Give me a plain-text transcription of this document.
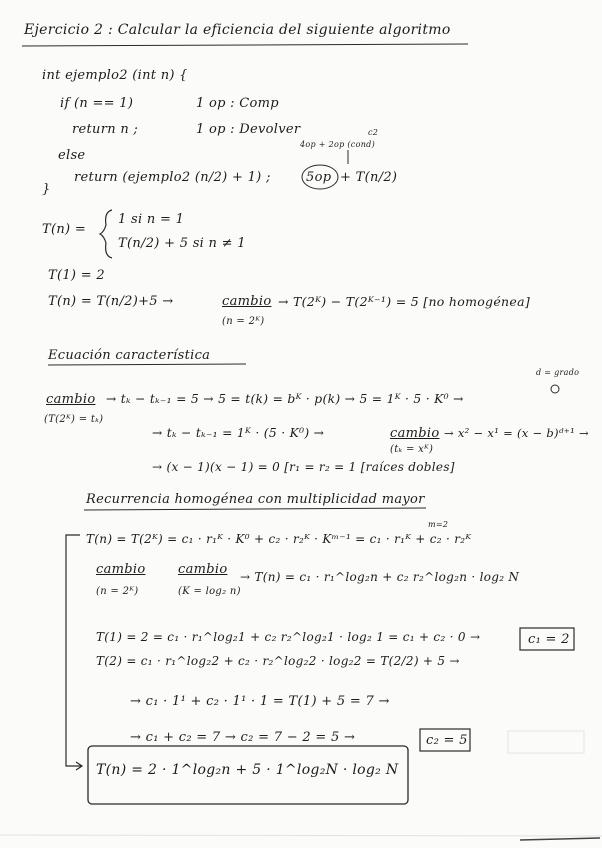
Ejercicio 2 : Calcular la eficiencia del siguiente algoritmo
int ejemplo2 (int n) {
if (n == 1)	1 op : Comp
return n ;	1 op : Devolver
else
4op + 2op (cond)
c2
return (ejemplo2 (n/2) + 1) ;	5op + T(n/2)
}
T(n) =
1 si n = 1
T(n/2) + 5 si n ≠ 1
T(1) = 2
T(n) = T(n/2)+5 →	cambio
(n = 2ᴷ)
→ T(2ᴷ) − T(2ᴷ⁻¹) = 5 [no homogénea]
Ecuación característica
d = grado
cambio
(T(2ᴷ) = tₖ)
→ tₖ − tₖ₋₁ = 5 → 5 = t(k) = bᴷ · p(k) → 5 = 1ᴷ · 5 · K⁰ →
→ tₖ − tₖ₋₁ = 1ᴷ · (5 · K⁰) →	cambio
(tₖ = xᴷ)
→ x² − x¹ = (x − b)ᵈ⁺¹ →
→ (x − 1)(x − 1) = 0 [r₁ = r₂ = 1 [raíces dobles]
Recurrencia homogénea con multiplicidad mayor
m=2
T(n) = T(2ᴷ) = c₁ · r₁ᴷ · K⁰ + c₂ · r₂ᴷ · Kᵐ⁻¹ = c₁ · r₁ᴷ + c₂ · r₂ᴷ
cambio
(n = 2ᴷ)
cambio
(K = log₂ n)
→ T(n) = c₁ · r₁^log₂n + c₂ r₂^log₂n · log₂ N
T(1) = 2 = c₁ · r₁^log₂1 + c₂ r₂^log₂1 · log₂ 1 = c₁ + c₂ · 0 →	c₁ = 2
T(2) = c₁ · r₁^log₂2 + c₂ · r₂^log₂2 · log₂2 = T(2/2) + 5 →
→ c₁ · 1¹ + c₂ · 1¹ · 1 = T(1) + 5 = 7 →
→ c₁ + c₂ = 7 → c₂ = 7 − 2 = 5 →	c₂ = 5
T(n) = 2 · 1^log₂n + 5 · 1^log₂N · log₂ N
